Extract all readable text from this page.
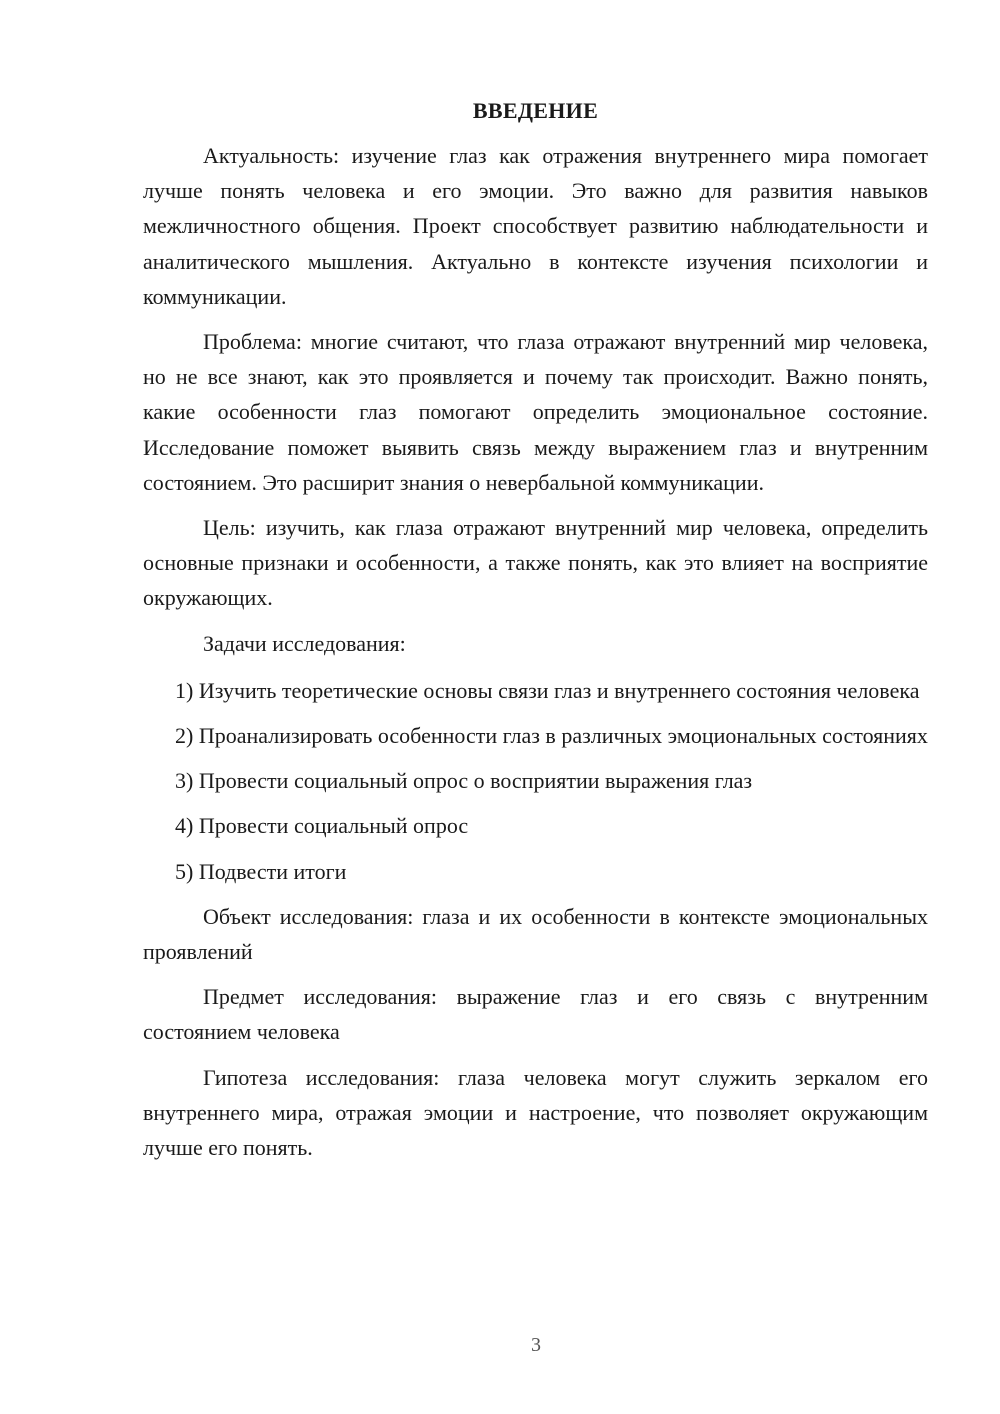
ВВЕДЕНИЕ

Актуальность: изучение глаз как отражения внутреннего мира помогает лучше понять человека и его эмоции. Это важно для развития навыков межличностного общения. Проект способствует развитию наблюдательности и аналитического мышления. Актуально в контексте изучения психологии и коммуникации.

Проблема: многие считают, что глаза отражают внутренний мир человека, но не все знают, как это проявляется и почему так происходит. Важно понять, какие особенности глаз помогают определить эмоциональное состояние. Исследование поможет выявить связь между выражением глаз и внутренним состоянием. Это расширит знания о невербальной коммуникации.

Цель: изучить, как глаза отражают внутренний мир человека, определить основные признаки и особенности, а также понять, как это влияет на восприятие окружающих.

Задачи исследования:

1) Изучить теоретические основы связи глаз и внутреннего состояния человека

2) Проанализировать особенности глаз в различных эмоциональных состояниях

3) Провести социальный опрос о восприятии выражения глаз

4) Провести социальный опрос

5) Подвести итоги

Объект исследования: глаза и их особенности в контексте эмоциональных проявлений

Предмет исследования: выражение глаз и его связь с внутренним состоянием человека

Гипотеза исследования: глаза человека могут служить зеркалом его внутреннего мира, отражая эмоции и настроение, что позволяет окружающим лучше его понять.

3
